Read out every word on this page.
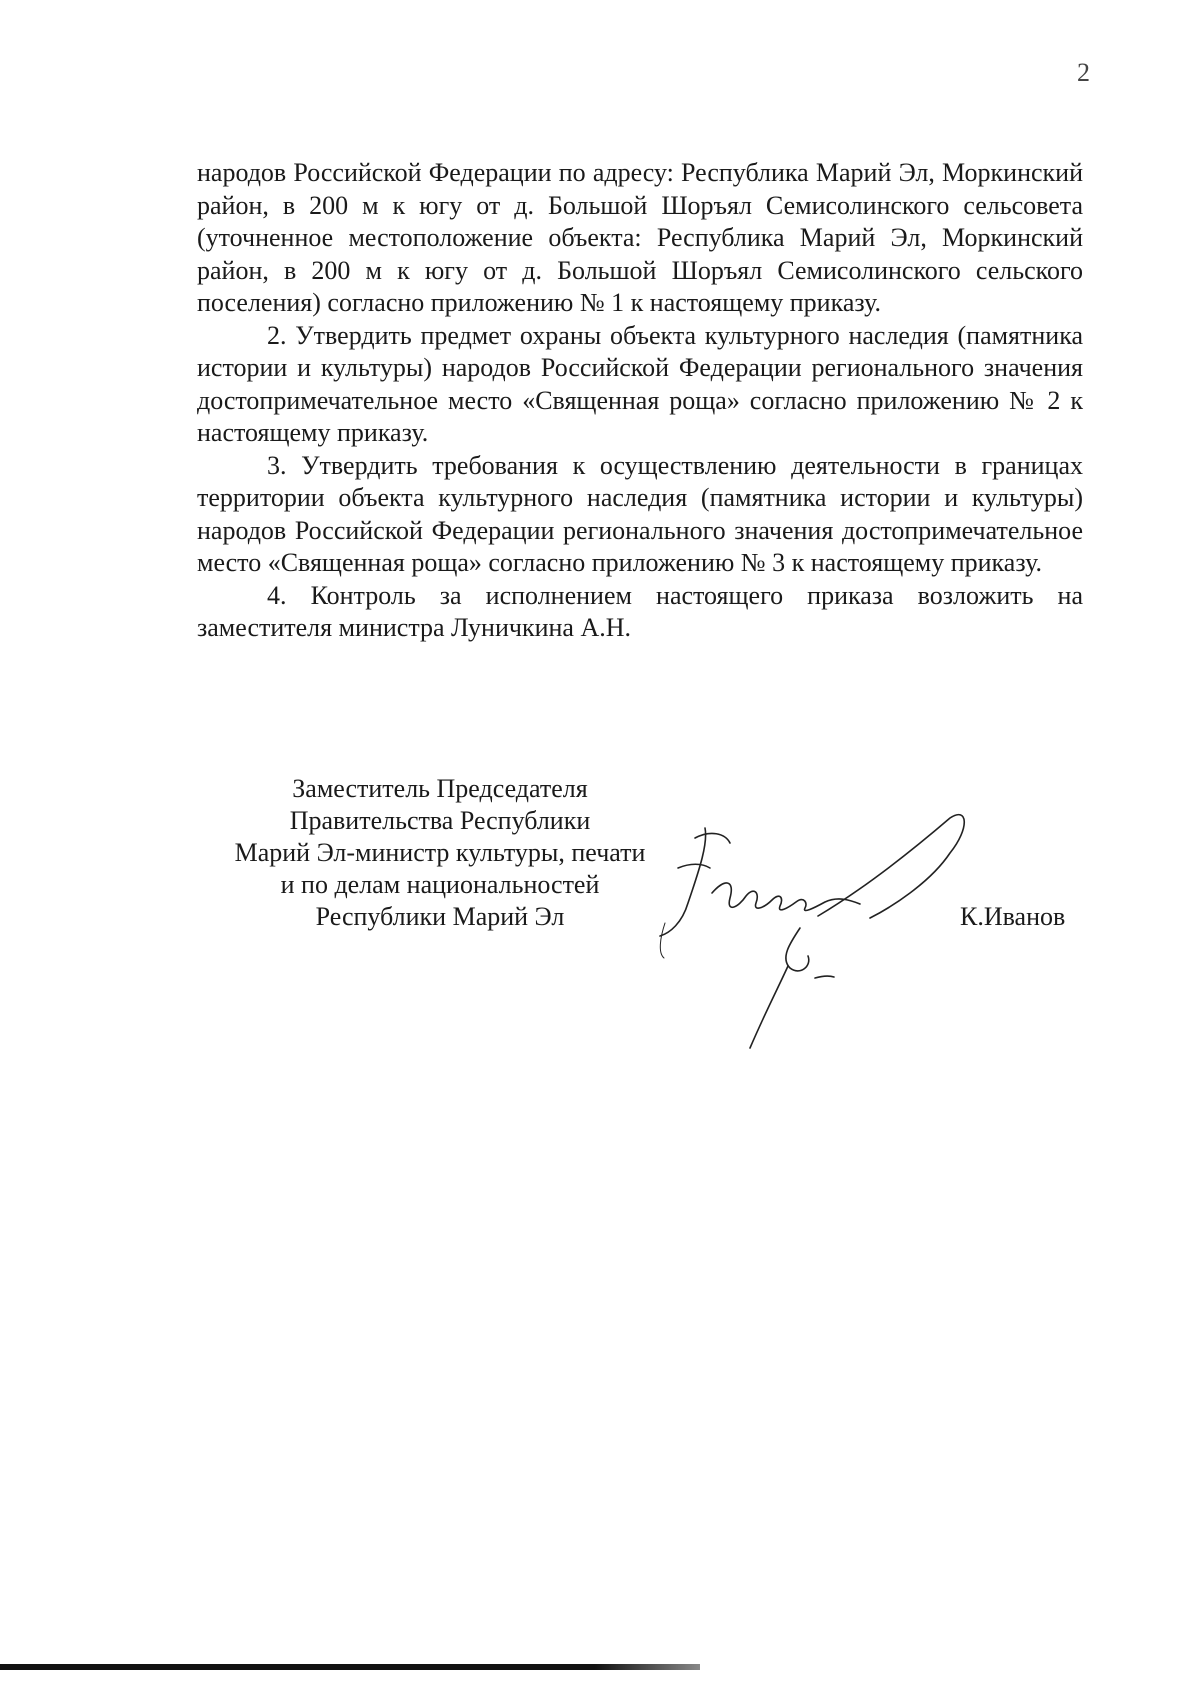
2

народов Российской Федерации по адресу: Республика Марий Эл, Моркинский район, в 200 м к югу от д. Большой Шоръял Семисолинского сельсовета (уточненное местоположение объекта: Республика Марий Эл, Моркинский район, в 200 м к югу от д. Большой Шоръял Семисолинского сельского поселения) согласно приложению № 1 к настоящему приказу.

2. Утвердить предмет охраны объекта культурного наследия (памятника истории и культуры) народов Российской Федерации регионального значения достопримечательное место «Священная роща» согласно приложению № 2 к настоящему приказу.

3. Утвердить требования к осуществлению деятельности в границах территории объекта культурного наследия (памятника истории и культуры) народов Российской Федерации регионального значения достопримечательное место «Священная роща» согласно приложению № 3 к настоящему приказу.

4. Контроль за исполнением настоящего приказа возложить на заместителя министра Луничкина А.Н.

Заместитель Председателя
Правительства Республики
Марий Эл-министр культуры, печати
и по делам национальностей
Республики Марий Эл	К.Иванов
